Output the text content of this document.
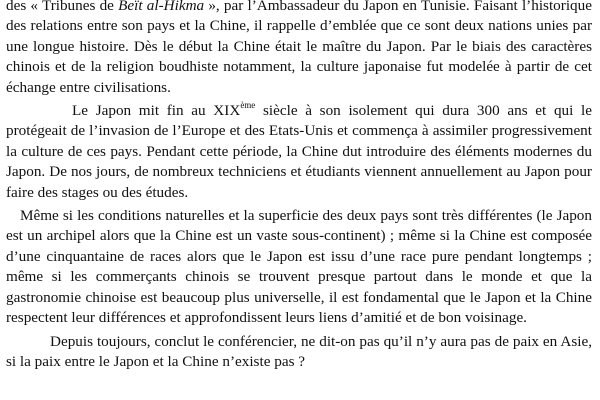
des « Tribunes de Beït al-Hikma », par l’Ambassadeur du Japon en Tunisie. Faisant l’historique des relations entre son pays et la Chine, il rappelle d’emblée que ce sont deux nations unies par une longue histoire. Dès le début la Chine était le maître du Japon. Par le biais des caractères chinois et de la religion boudhiste notamment, la culture japonaise fut modelée à partir de cet échange entre civilisations.

Le Japon mit fin au XIXème siècle à son isolement qui dura 300 ans et qui le protégeait de l’invasion de l’Europe et des Etats-Unis et commença à assimiler progressivement la culture de ces pays. Pendant cette période, la Chine dut introduire des éléments modernes du Japon. De nos jours, de nombreux techniciens et étudiants viennent annuellement au Japon pour faire des stages ou des études.

Même si les conditions naturelles et la superficie des deux pays sont très différentes (le Japon est un archipel alors que la Chine est un vaste sous-continent) ; même si la Chine est composée d’une cinquantaine de races alors que le Japon est issu d’une race pure pendant longtemps ; même si les commerçants chinois se trouvent presque partout dans le monde et que la gastronomie chinoise est beaucoup plus universelle, il est fondamental que le Japon et la Chine respectent leur différences et approfondissent leurs liens d’amitié et de bon voisinage.

Depuis toujours, conclut le conférencier, ne dit-on pas qu’il n’y aura pas de paix en Asie, si la paix entre le Japon et la Chine n’existe pas ?
